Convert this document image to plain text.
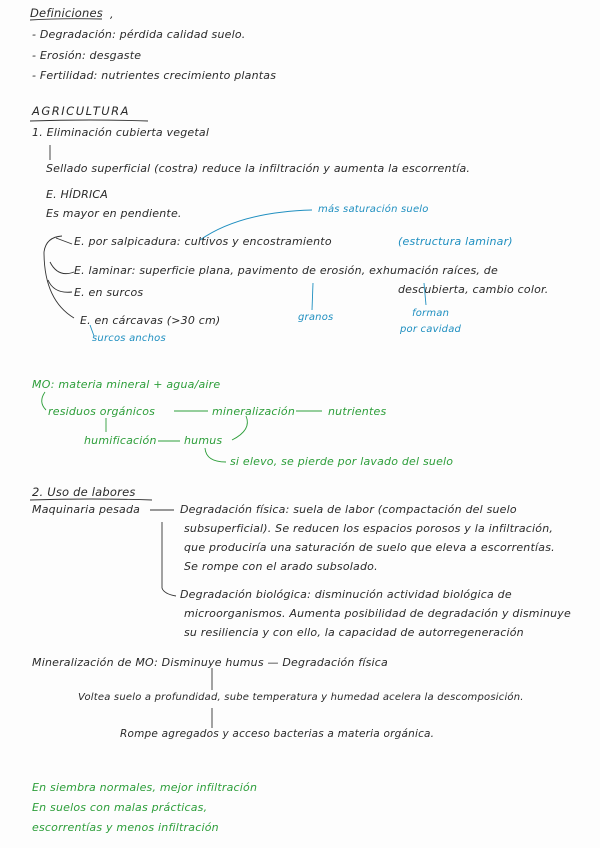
Definiciones ,
- Degradación: pérdida calidad suelo.
- Erosión: desgaste
- Fertilidad: nutrientes crecimiento plantas
AGRICULTURA
1. Eliminación cubierta vegetal
Sellado superficial (costra) reduce la infiltración y aumenta la escorrentía.
E. HÍDRICA
Es mayor en pendiente.	más saturación suelo
E. por salpicadura: cultivos y encostramiento	(estructura laminar)
E. laminar: superficie plana, pavimento de erosión, exhumación raíces, de
descubierta, cambio color.
E. en surcos
E. en cárcavas (>30 cm)
surcos anchos
granos	forman
por cavidad
MO: materia mineral + agua/aire
residuos orgánicos	mineralización	nutrientes
humificación humus
si elevo, se pierde por lavado del suelo
2. Uso de labores
Maquinaria pesada	Degradación física: suela de labor (compactación del suelo
subsuperficial). Se reducen los espacios porosos y la infiltración,
que produciría una saturación de suelo que eleva a escorrentías.
Se rompe con el arado subsolado.
Degradación biológica: disminución actividad biológica de
microorganismos. Aumenta posibilidad de degradación y disminuye
su resiliencia y con ello, la capacidad de autorregeneración
Mineralización de MO: Disminuye humus — Degradación física
Voltea suelo a profundidad, sube temperatura y humedad acelera la descomposición.
Rompe agregados y acceso bacterias a materia orgánica.
En siembra normales, mejor infiltración
En suelos con malas prácticas,
escorrentías y menos infiltración
